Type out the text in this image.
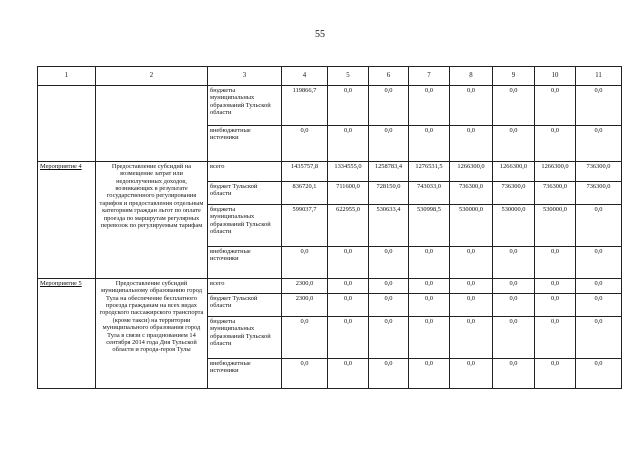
55
1	2	3	4	5	6	7	8	9	10	11
		бюджеты муниципальных образований Тульской области	119866,7	0,0	0,0	0,0	0,0	0,0	0,0	0,0
		внебюджетные источники	0,0	0,0	0,0	0,0	0,0	0,0	0,0	0,0
Мероприятие 4	Предоставление субсидий на возмещение затрат или недополученных доходов, возникающих в результате государственного регулирования тарифов и предоставления отдельным категориям граждан льгот по оплате проезда по маршрутам регулярных перевозок по регулируемым тарифам	всего	1435757,8	1334555,0	1258783,4	1276531,5	1266300,0	1266300,0	1266300,0	736300,0
		бюджет Тульской области	836720,1	711600,0	728150,0	743033,0	736300,0	736300,0	736300,0	736300,0
		бюджеты муниципальных образований Тульской области	599037,7	622955,0	530633,4	530998,5	530000,0	530000,0	530000,0	0,0
		внебюджетные источники	0,0	0,0	0,0	0,0	0,0	0,0	0,0	0,0
Мероприятие 5	Предоставление субсидий муниципальному образованию город Тула на обеспечение бесплатного проезда гражданам на всех видах городского пассажирского транспорта (кроме такси) на территории муниципального образования город Тула в связи с празднованием 14 сентября 2014 года Дня Тульской области и города-героя Тулы	всего	2300,0	0,0	0,0	0,0	0,0	0,0	0,0	0,0
		бюджет Тульской области	2300,0	0,0	0,0	0,0	0,0	0,0	0,0	0,0
		бюджеты муниципальных образований Тульской области	0,0	0,0	0,0	0,0	0,0	0,0	0,0	0,0
		внебюджетные источники	0,0	0,0	0,0	0,0	0,0	0,0	0,0	0,0
